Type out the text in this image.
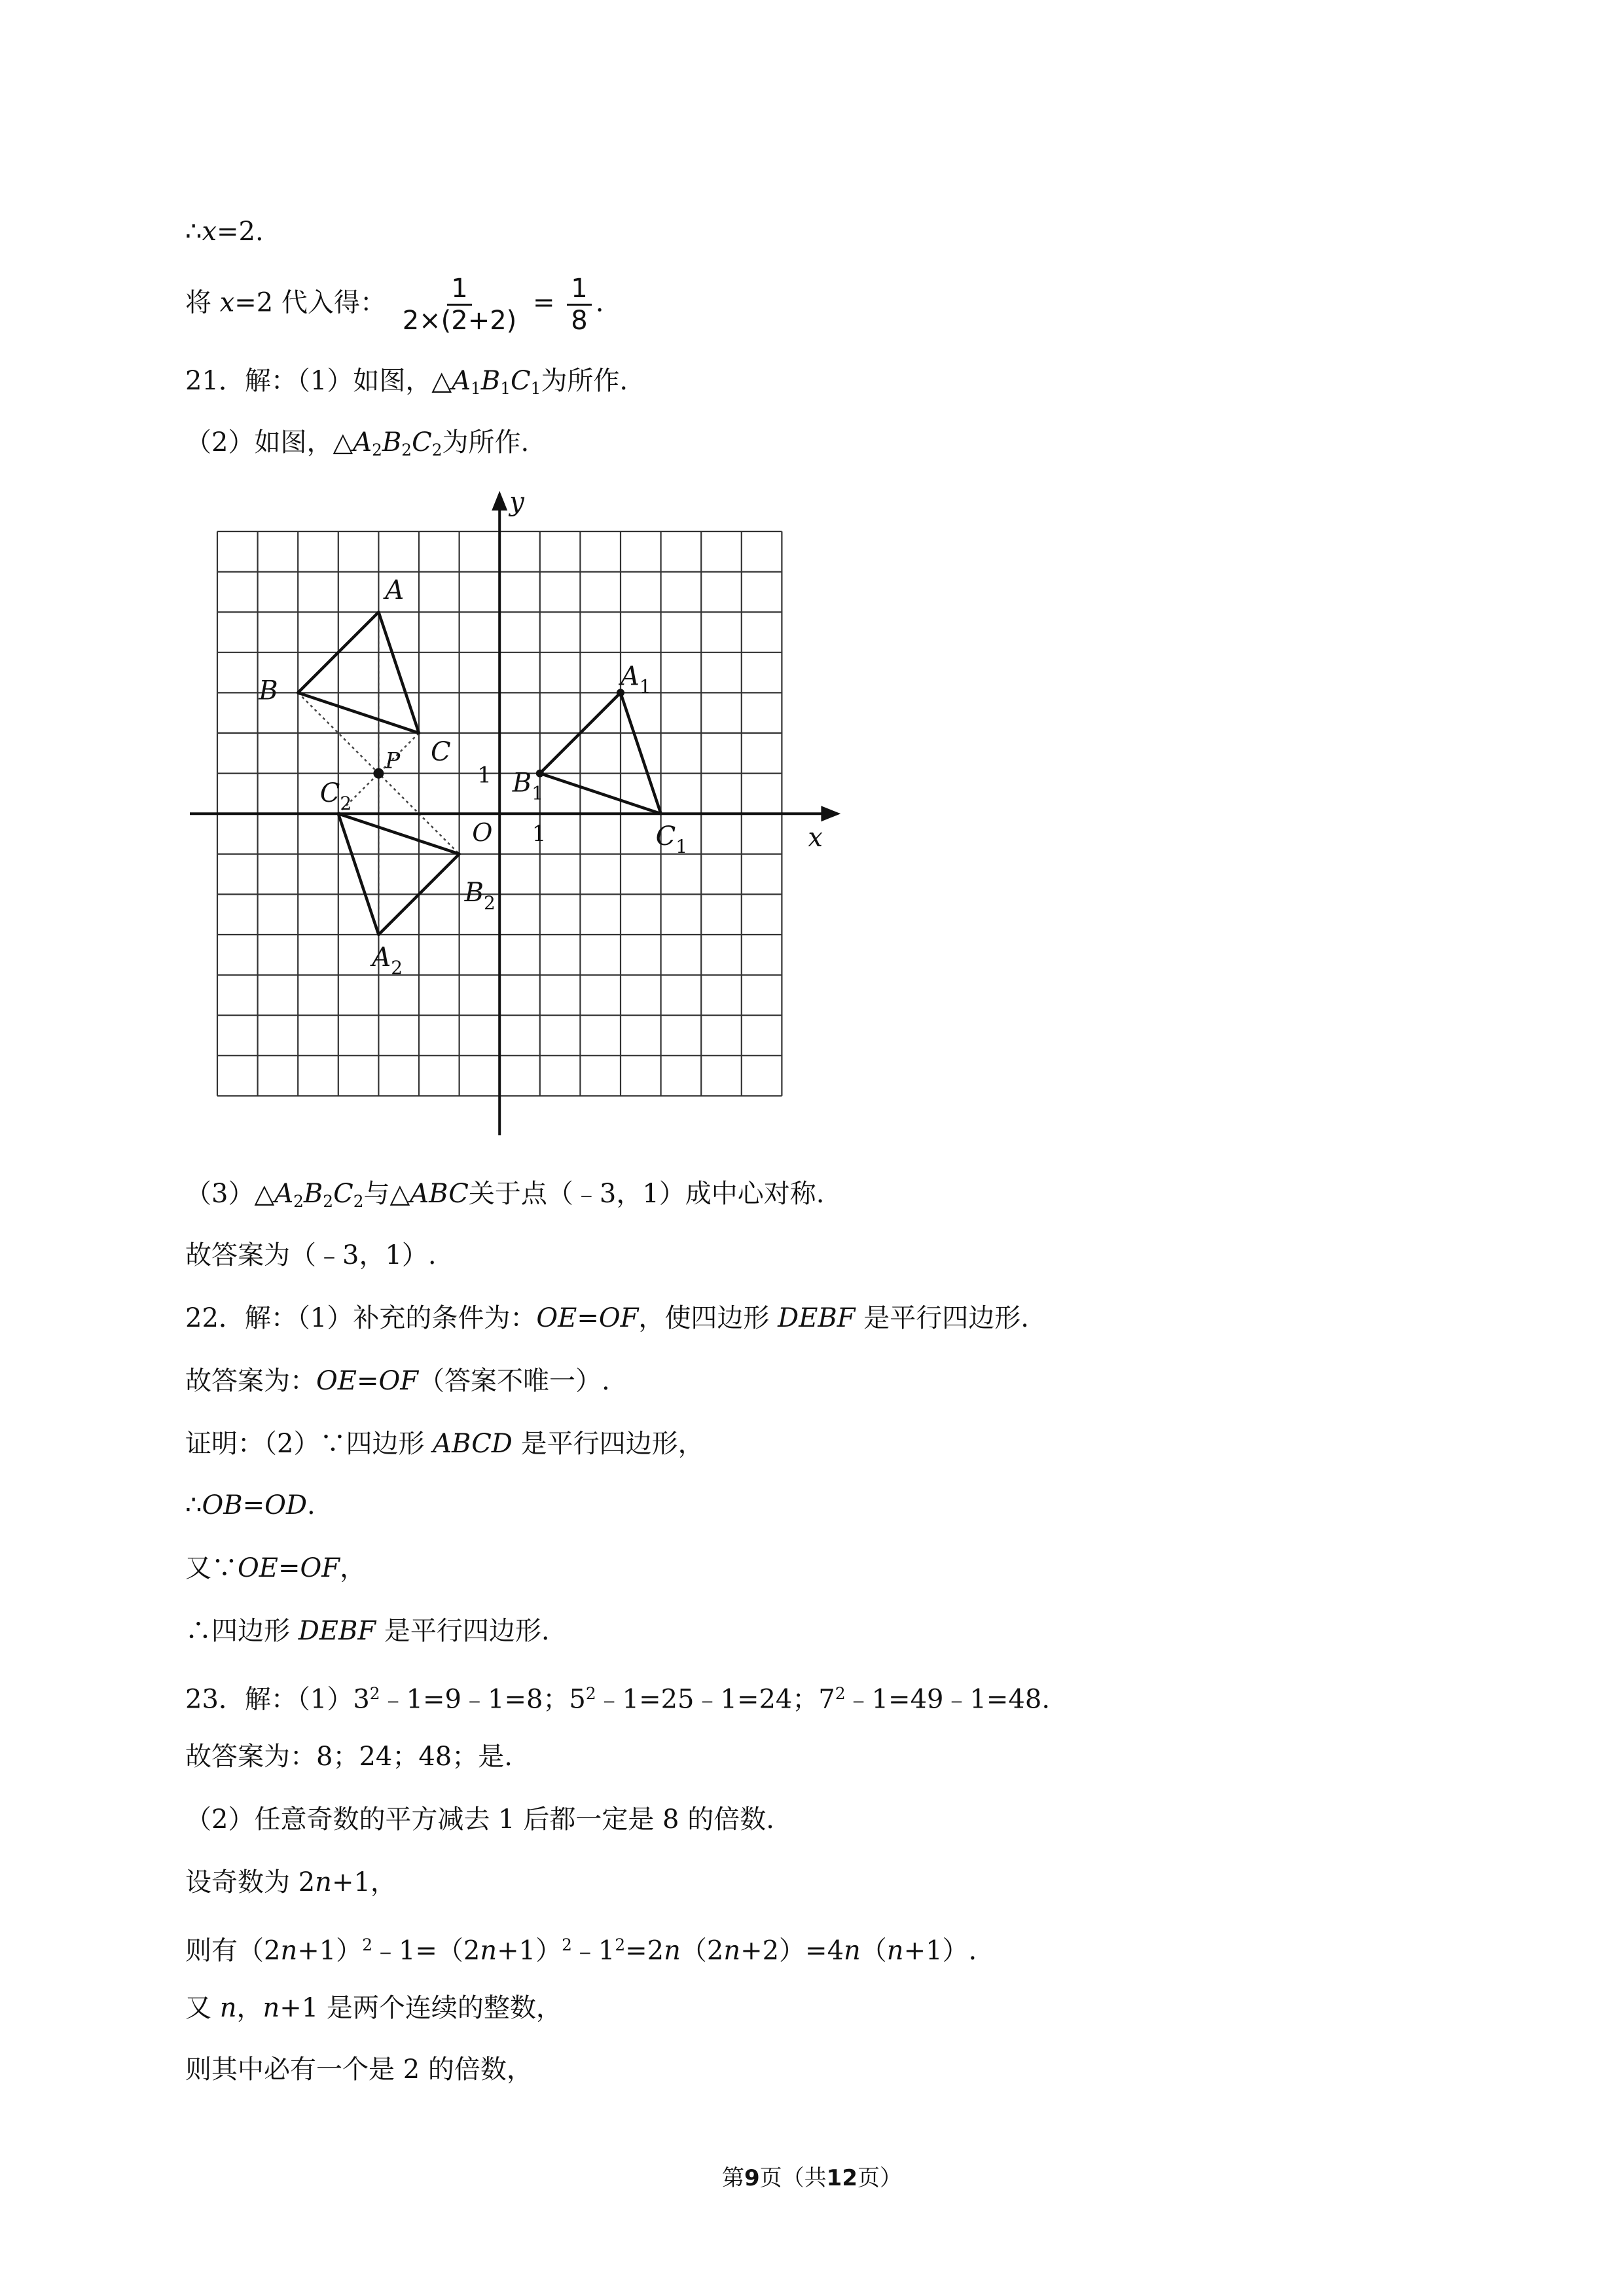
∴x=2.
将 x=2 代入得： $\frac{1}{2\times(2+2)} = \frac{1}{8}$ .
21．解：（1）如图，$\triangle A_1B_1C_1$为所作.
（2）如图，$\triangle A_2B_2C_2$为所作.
A
B
C
$A_1$
$B_1$
$C_1$
$A_2$
$B_2$
$C_2$
P
y
x
O 1
1
$(3)\triangle A_2B_2C_2$与△ABC关于点（﹣3，1）成中心对称.
故答案为（﹣3，1）.
22．解：（1）补充的条件为：OE=OF，使四边形 DEBF 是平行四边形.
故答案为：OE=OF（答案不唯一）.
证明：（2）∵四边形 ABCD 是平行四边形，
∴OB=OD.
又∵OE=OF，
∴四边形 DEBF 是平行四边形.
23．解：$(1)3^2﹣1=9﹣1=8$；$5^2﹣1=25﹣1=24$；$7^2﹣1=49﹣1=48$.
故答案为：8；24；48；是.
（2）任意奇数的平方减去 1 后都一定是 8 的倍数.
设奇数为 2n+1，
则有$(2n+1)^2﹣1=(2n+1)^2﹣1^2=2n(2n+2)=4n(n+1)$.
又 n，n+1 是两个连续的整数，
则其中必有一个是 2 的倍数，
第9页（共12页）
